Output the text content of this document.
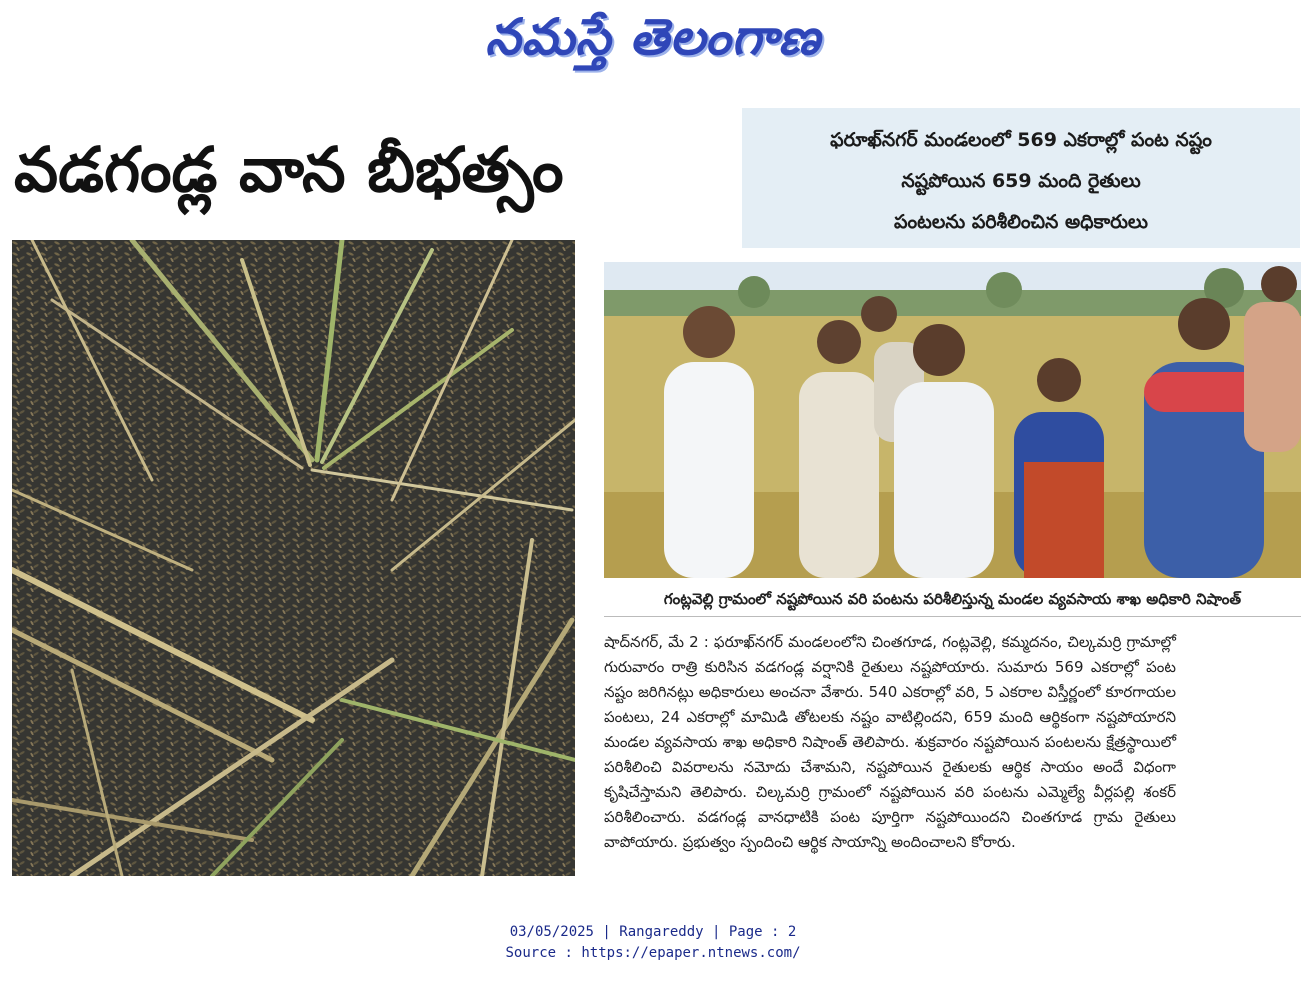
నమస్తే తెలంగాణ
వడగండ్ల వాన బీభత్సం	ఫరూఖ్‌నగర్ మండలంలో 569 ఎకరాల్లో పంట నష్టం
నష్టపోయిన 659 మంది రైతులు
పంటలను పరిశీలించిన అధికారులు
గంట్లవెల్లి గ్రామంలో నష్టపోయిన వరి పంటను పరిశీలిస్తున్న మండల వ్యవసాయ శాఖ అధికారి నిషాంత్
షాద్‌నగర్, మే 2 : ఫరూఖ్‌నగర్ మండలంలోని చింతగూడ, గంట్లవెల్లి, కమ్మదనం, చిల్కమర్రి గ్రామాల్లో గురువారం రాత్రి కురిసిన వడగండ్ల వర్షానికి రైతులు నష్టపోయారు. సుమారు 569 ఎకరాల్లో పంట నష్టం జరిగినట్లు అధికారులు అంచనా వేశారు. 540 ఎకరాల్లో వరి, 5 ఎకరాల విస్తీర్ణంలో కూరగాయల పంటలు, 24 ఎకరాల్లో మామిడి తోటలకు నష్టం వాటిల్లిందని, 659 మంది ఆర్థికంగా నష్టపోయారని మండల వ్యవసాయ శాఖ అధికారి నిషాంత్ తెలిపారు. శుక్రవారం నష్టపోయిన పంటలను క్షేత్రస్థాయిలో పరిశీలించి వివరాలను నమోదు చేశామని, నష్టపోయిన రైతులకు ఆర్థిక సాయం అందే విధంగా కృషిచేస్తామని తెలిపారు. చిల్కమర్రి గ్రామంలో నష్టపోయిన వరి పంటను ఎమ్మెల్యే వీర్లపల్లి శంకర్ పరిశీలించారు. వడగండ్ల వానధాటికి పంట పూర్తిగా నష్టపోయిందని చింతగూడ గ్రామ రైతులు వాపోయారు. ప్రభుత్వం స్పందించి ఆర్థిక సాయాన్ని అందించాలని కోరారు.
03/05/2025 | Rangareddy | Page : 2
Source : https://epaper.ntnews.com/
